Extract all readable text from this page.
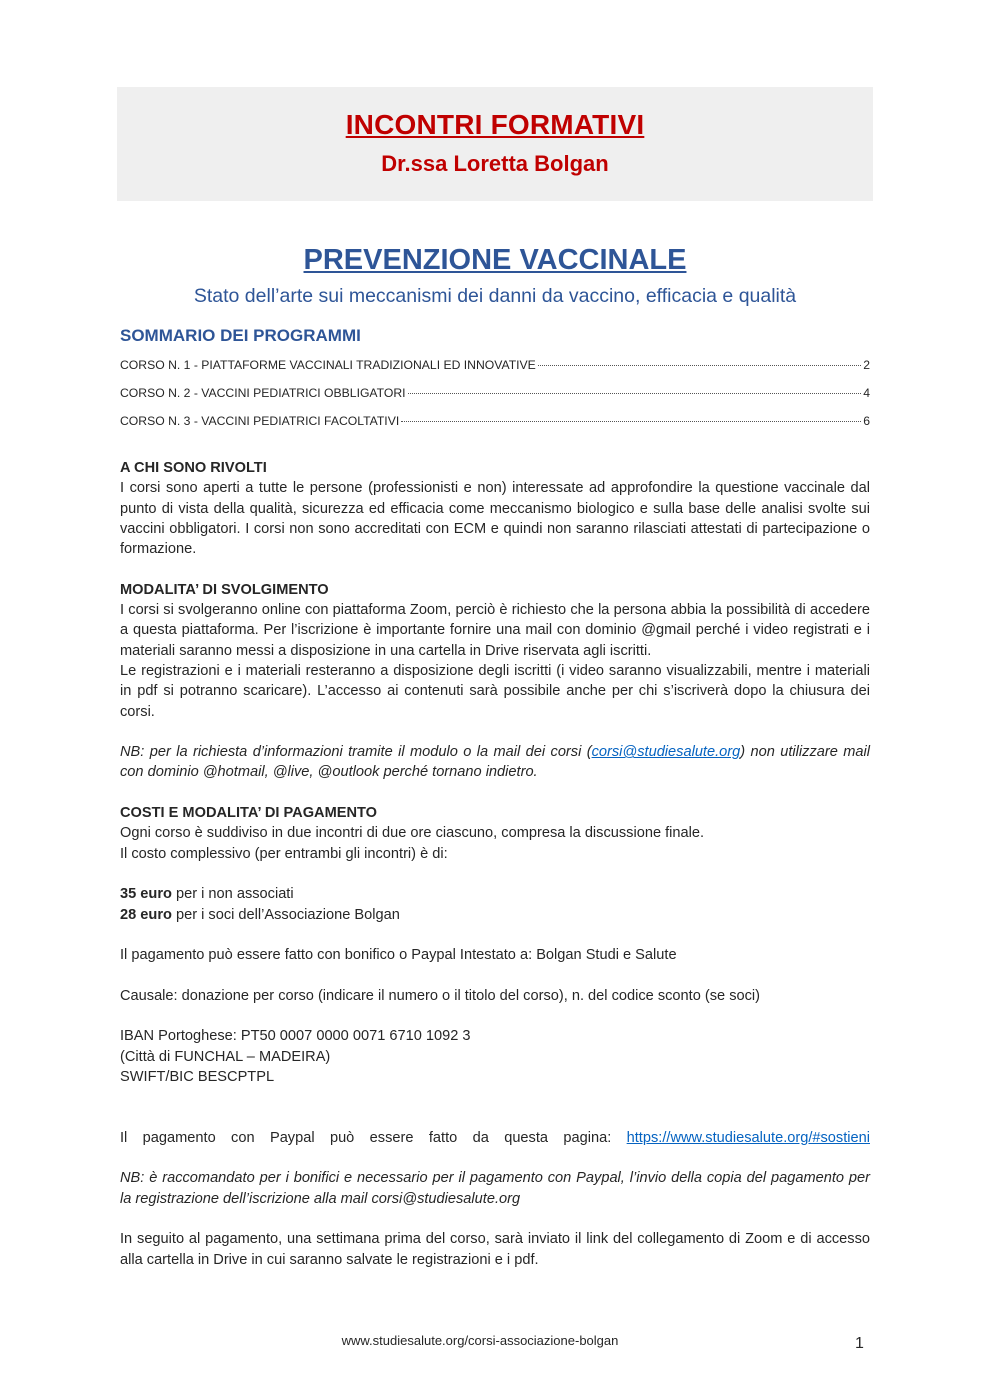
INCONTRI FORMATIVI
Dr.ssa Loretta Bolgan
PREVENZIONE VACCINALE
Stato dell’arte sui meccanismi dei danni da vaccino, efficacia e qualità
SOMMARIO DEI PROGRAMMI
CORSO N. 1 - PIATTAFORME VACCINALI TRADIZIONALI ED INNOVATIVE	2
CORSO N. 2 - VACCINI PEDIATRICI OBBLIGATORI	4
CORSO N. 3 - VACCINI PEDIATRICI FACOLTATIVI	6

A CHI SONO RIVOLTI

I corsi sono aperti a tutte le persone (professionisti e non) interessate ad approfondire la questione vaccinale dal punto di vista della qualità, sicurezza ed efficacia come meccanismo biologico e sulla base delle analisi svolte sui vaccini obbligatori. I corsi non sono accreditati con ECM e quindi non saranno rilasciati attestati di partecipazione o formazione.

MODALITA’ DI SVOLGIMENTO

I corsi si svolgeranno online con piattaforma Zoom, perciò è richiesto che la persona abbia la possibilità di accedere a questa piattaforma. Per l’iscrizione è importante fornire una mail con dominio @gmail perché i video registrati e i materiali saranno messi a disposizione in una cartella in Drive riservata agli iscritti.

Le registrazioni e i materiali resteranno a disposizione degli iscritti (i video saranno visualizzabili, mentre i materiali in pdf si potranno scaricare). L’accesso ai contenuti sarà possibile anche per chi s’iscriverà dopo la chiusura dei corsi.

NB: per la richiesta d’informazioni tramite il modulo o la mail dei corsi (corsi@studiesalute.org) non utilizzare mail con dominio @hotmail, @live, @outlook perché tornano indietro.

COSTI E MODALITA’ DI PAGAMENTO

Ogni corso è suddiviso in due incontri di due ore ciascuno, compresa la discussione finale.

Il costo complessivo (per entrambi gli incontri) è di:

35 euro per i non associati

28 euro per i soci dell’Associazione Bolgan

Il pagamento può essere fatto con bonifico o Paypal Intestato a: Bolgan Studi e Salute

Causale: donazione per corso (indicare il numero o il titolo del corso), n. del codice sconto (se soci)

IBAN Portoghese: PT50 0007 0000 0071 6710 1092 3

(Città di FUNCHAL – MADEIRA)

SWIFT/BIC BESCPTPL

Il pagamento con Paypal può essere fatto da questa pagina: https://www.studiesalute.org/#sostieni

NB: è raccomandato per i bonifici e necessario per il pagamento con Paypal, l’invio della copia del pagamento per la registrazione dell’iscrizione alla mail corsi@studiesalute.org

In seguito al pagamento, una settimana prima del corso, sarà inviato il link del collegamento di Zoom e di accesso alla cartella in Drive in cui saranno salvate le registrazioni e i pdf.

www.studiesalute.org/corsi-associazione-bolgan	1
